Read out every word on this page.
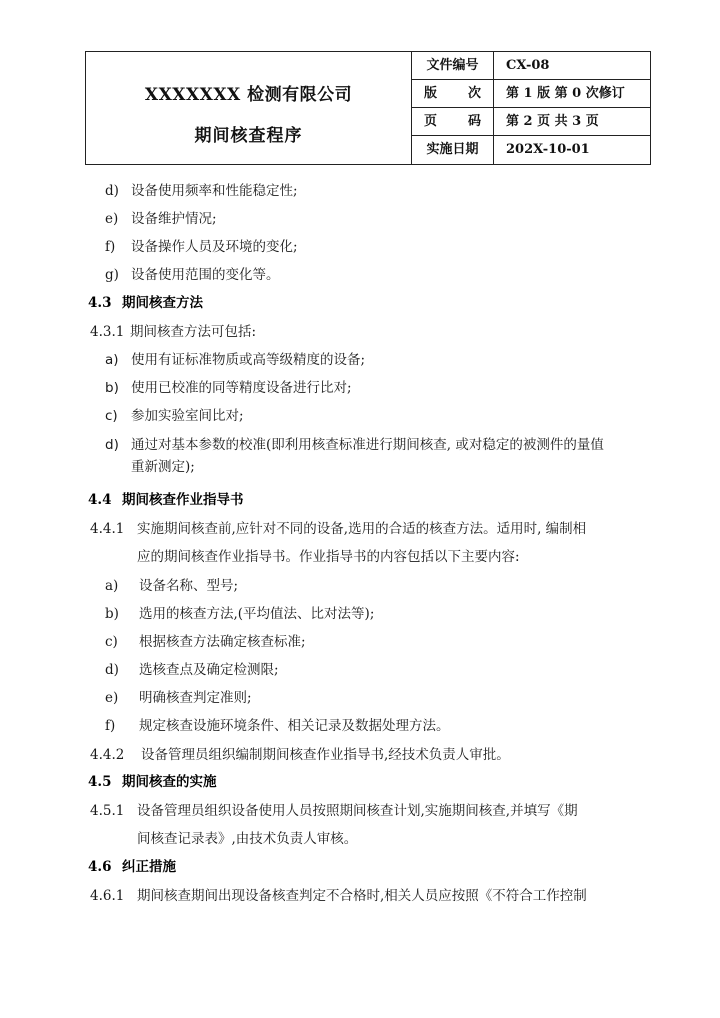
XXXXXXX 检测有限公司
期间核查程序
文件编号	CX-08
版 次	第 1 版 第 0 次修订
页 码	第 2 页 共 3 页
实施日期	202X-10-01
d) 设备使用频率和性能稳定性;
e) 设备维护情况;
f) 设备操作人员及环境的变化;
g) 设备使用范围的变化等。
4.3 期间核查方法
4.3.1 期间核查方法可包括:
a) 使用有证标准物质或高等级精度的设备;
b) 使用已校准的同等精度设备进行比对;
c) 参加实验室间比对;
d) 通过对基本参数的校准(即利用核查标准进行期间核查, 或对稳定的被测件的量值
重新测定);
4.4 期间核查作业指导书
4.4.1 实施期间核查前,应针对不同的设备,选用的合适的核查方法。适用时, 编制相
应的期间核查作业指导书。作业指导书的内容包括以下主要内容:
a) 设备名称、型号;
b) 选用的核查方法,(平均值法、比对法等);
c) 根据核查方法确定核查标准;
d) 选核查点及确定检测限;
e) 明确核查判定准则;
f) 规定核查设施环境条件、相关记录及数据处理方法。
4.4.2 设备管理员组织编制期间核查作业指导书,经技术负责人审批。
4.5 期间核查的实施
4.5.1 设备管理员组织设备使用人员按照期间核查计划,实施期间核查,并填写《期
间核查记录表》,由技术负责人审核。
4.6 纠正措施
4.6.1 期间核查期间出现设备核查判定不合格时,相关人员应按照《不符合工作控制
